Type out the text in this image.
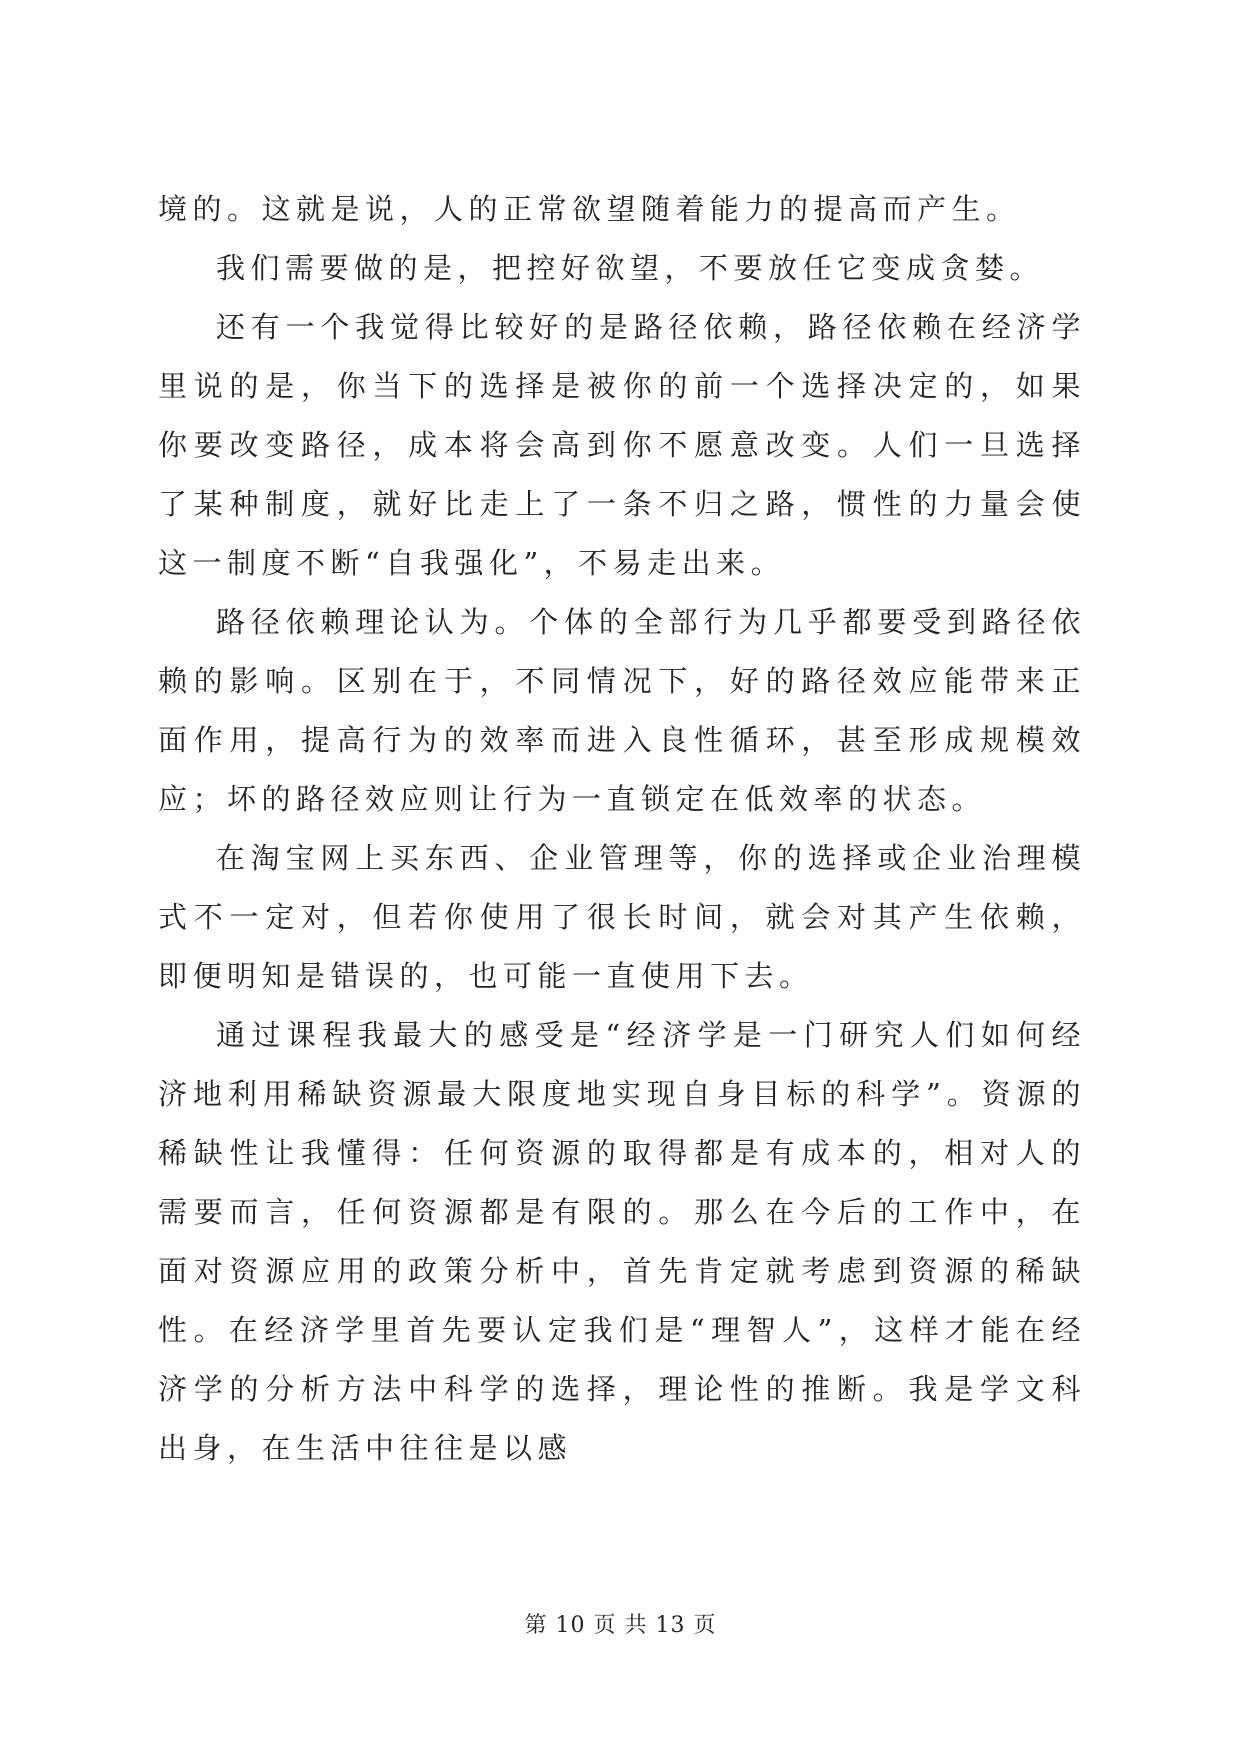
境的。这就是说，人的正常欲望随着能力的提高而产生。

我们需要做的是，把控好欲望，不要放任它变成贪婪。

还有一个我觉得比较好的是路径依赖，路径依赖在经济学里说的是，你当下的选择是被你的前一个选择决定的，如果你要改变路径，成本将会高到你不愿意改变。人们一旦选择了某种制度，就好比走上了一条不归之路，惯性的力量会使这一制度不断“自我强化”，不易走出来。

路径依赖理论认为。个体的全部行为几乎都要受到路径依赖的影响。区别在于，不同情况下，好的路径效应能带来正面作用，提高行为的效率而进入良性循环，甚至形成规模效应；坏的路径效应则让行为一直锁定在低效率的状态。

在淘宝网上买东西、企业管理等，你的选择或企业治理模式不一定对，但若你使用了很长时间，就会对其产生依赖，即便明知是错误的，也可能一直使用下去。

通过课程我最大的感受是“经济学是一门研究人们如何经济地利用稀缺资源最大限度地实现自身目标的科学”。资源的稀缺性让我懂得：任何资源的取得都是有成本的，相对人的需要而言，任何资源都是有限的。那么在今后的工作中，在面对资源应用的政策分析中，首先肯定就考虑到资源的稀缺性。在经济学里首先要认定我们是“理智人”，这样才能在经济学的分析方法中科学的选择，理论性的推断。我是学文科出身，在生活中往往是以感

第 10 页 共 13 页
